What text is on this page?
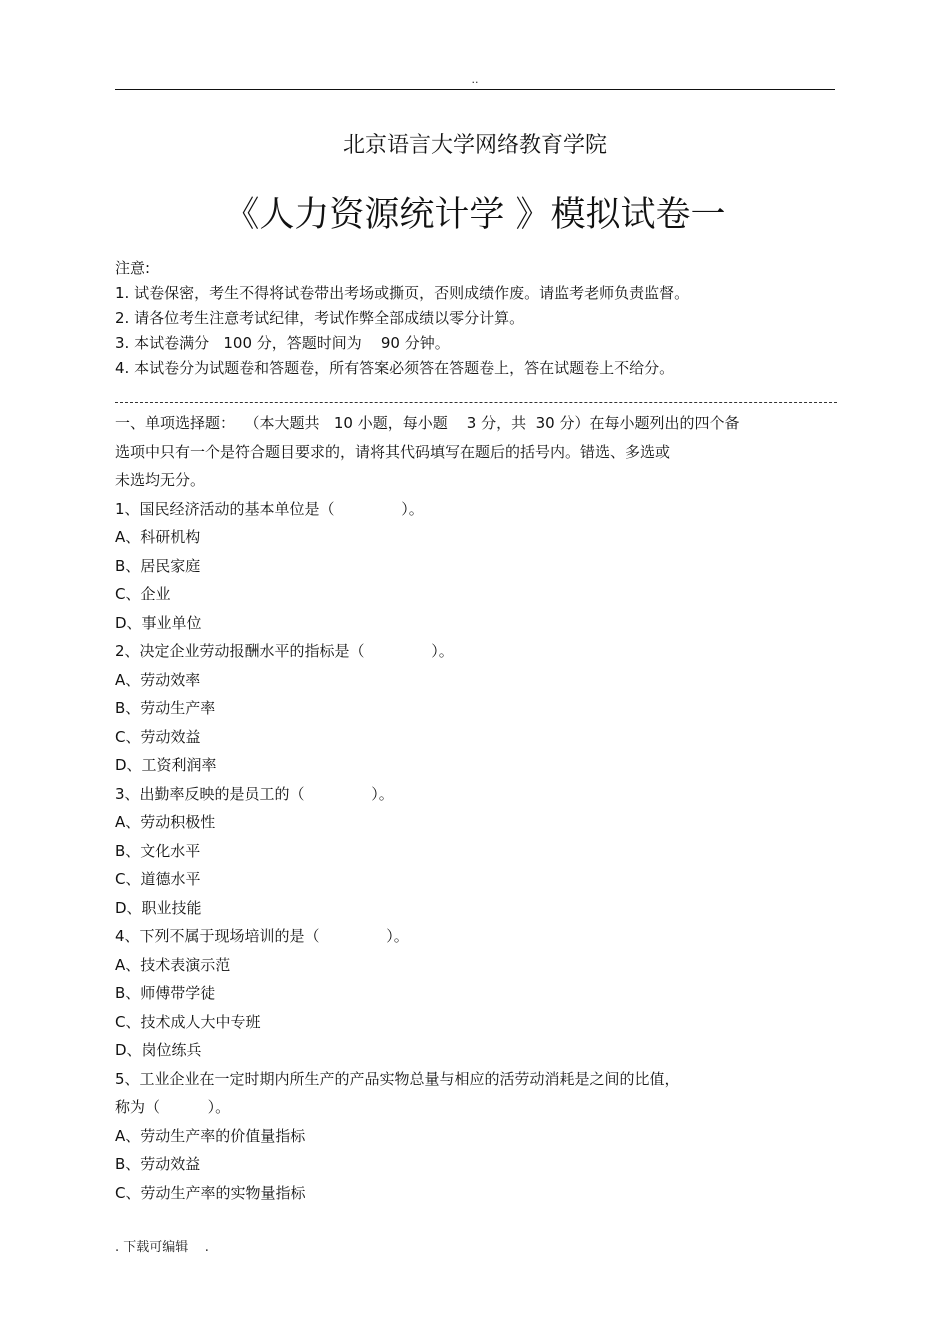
..
北京语言大学网络教育学院
《人力资源统计学 》模拟试卷一
注意:
1. 试卷保密，考生不得将试卷带出考场或撕页，否则成绩作废。请监考老师负责监督。
2. 请各位考生注意考试纪律，考试作弊全部成绩以零分计算。
3. 本试卷满分   100 分，答题时间为    90 分钟。
4. 本试卷分为试题卷和答题卷，所有答案必须答在答题卷上，答在试题卷上不给分。
一、单项选择题：  （本大题共   10 小题，每小题    3 分，共  30 分）在每小题列出的四个备
选项中只有一个是符合题目要求的，请将其代码填写在题后的括号内。错选、多选或
未选均无分。
1、国民经济活动的基本单位是（              ）。
A、科研机构
B、居民家庭
C、企业
D、事业单位
2、决定企业劳动报酬水平的指标是（              ）。
A、劳动效率
B、劳动生产率
C、劳动效益
D、工资利润率
3、出勤率反映的是员工的（              ）。
A、劳动积极性
B、文化水平
C、道德水平
D、职业技能
4、下列不属于现场培训的是（              ）。
A、技术表演示范
B、师傅带学徒
C、技术成人大中专班
D、岗位练兵
5、工业企业在一定时期内所生产的产品实物总量与相应的活劳动消耗是之间的比值，
称为（          ）。
A、劳动生产率的价值量指标
B、劳动效益
C、劳动生产率的实物量指标
. 下载可编辑    .
